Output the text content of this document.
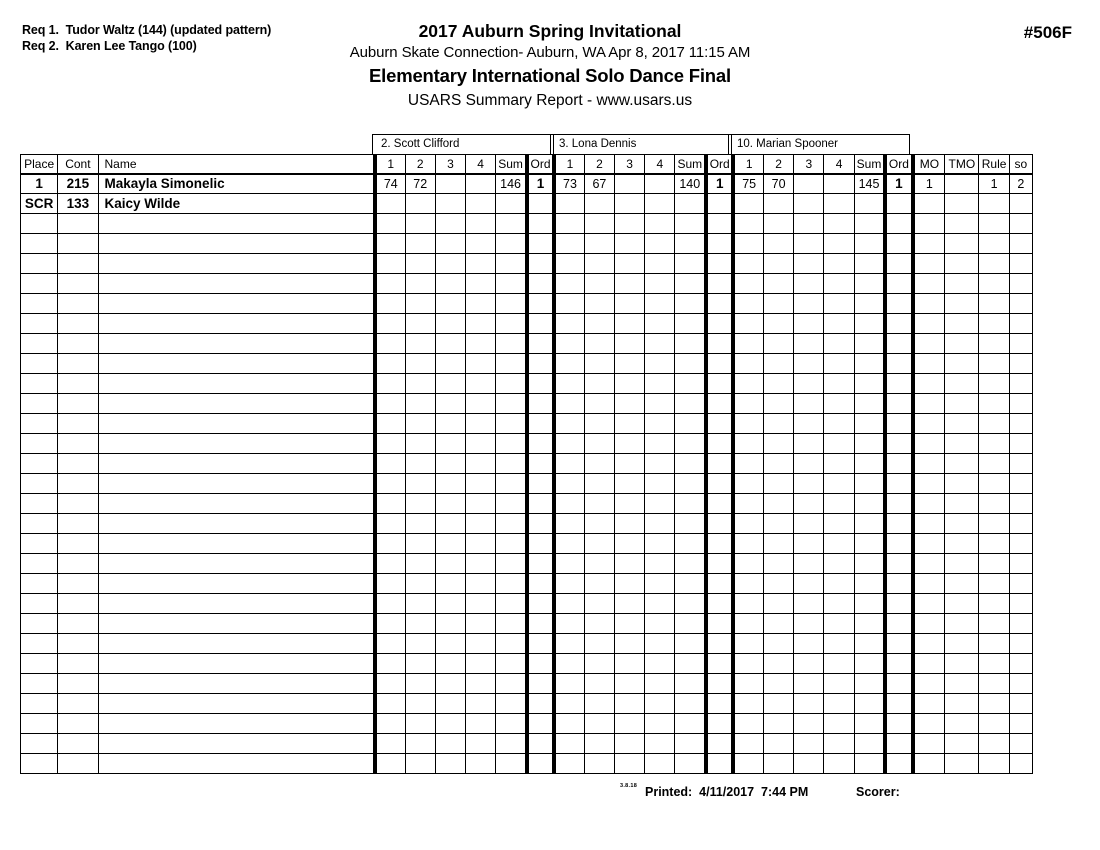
Req 1.  Tudor Waltz (144) (updated pattern)
Req 2.  Karen Lee Tango (100)
#506F
2017 Auburn Spring Invitational
Auburn Skate Connection- Auburn, WA Apr 8, 2017 11:15 AM
Elementary International Solo Dance Final
USARS Summary Report - www.usars.us
2. Scott Clifford	3. Lona Dennis	10. Marian Spooner
Place	Cont	Name	1	2	3	4	Sum	Ord	1	2	3	4	Sum	Ord	1	2	3	4	Sum	Ord	MO	TMO	Rule	so
1	215	Makayla Simonelic	74	72			146	1	73	67			140	1	75	70			145	1	1		1	2
SCR	133	Kaicy Wilde																						

3.8.18 Printed:  4/11/2017  7:44 PM	Scorer:
